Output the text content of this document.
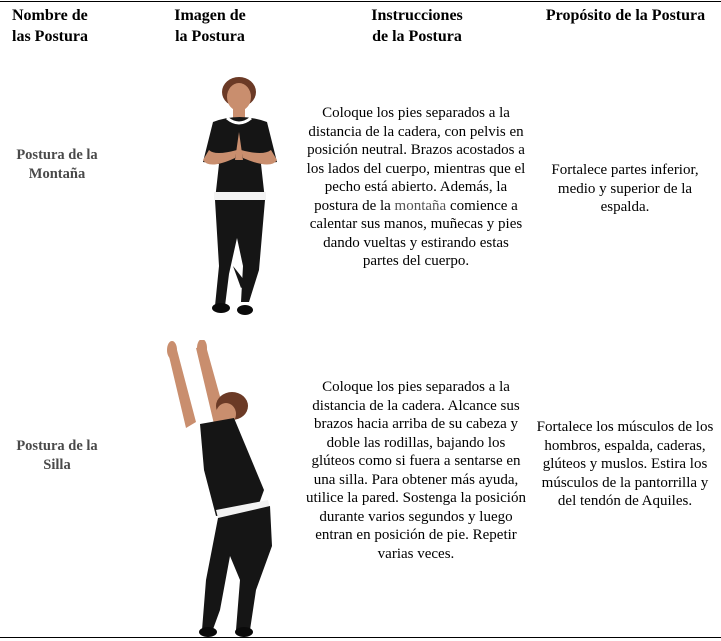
Nombre de
las Postura
Imagen de
la Postura
Instrucciones
de la Postura
Propósito de la Postura
Postura de la
Montaña
Coloque los pies separados a la distancia de la cadera, con pelvis en posición neutral. Brazos acostados a los lados del cuerpo, mientras que el pecho está abierto. Además, la postura de la montaña comience a calentar sus manos, muñecas y pies dando vueltas y estirando estas partes del cuerpo.
Fortalece partes inferior, medio y superior de la espalda.
Postura de la
Silla
Coloque los pies separados a la distancia de la cadera. Alcance sus brazos hacia arriba de su cabeza y doble las rodillas, bajando los glúteos como si fuera a sentarse en una silla. Para obtener más ayuda, utilice la pared. Sostenga la posición durante varios segundos y luego entran en posición de pie. Repetir varias veces.
Fortalece los músculos de los hombros, espalda, caderas, glúteos y muslos. Estira los músculos de la pantorrilla y del tendón de Aquiles.
